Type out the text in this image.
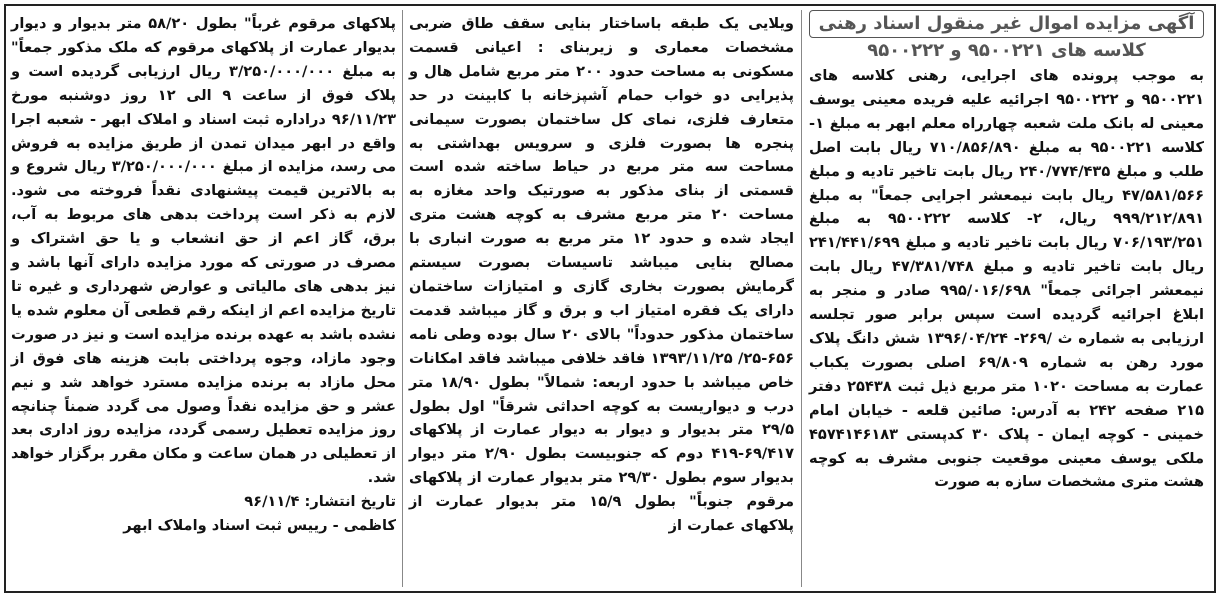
آگهی مزایده اموال غیر منقول اسناد رهنی
کلاسه های ۹۵۰۰۲۲۱ و ۹۵۰۰۲۲۲

به موجب پرونده های اجرایی، رهنی کلاسه های ۹۵۰۰۲۲۱ و ۹۵۰۰۲۲۲ اجرائیه علیه فریده معینی یوسف معینی له بانک ملت شعبه چهارراه معلم ابهر به مبلغ ۱- کلاسه ۹۵۰۰۲۲۱ به مبلغ ۷۱۰/۸۵۶/۸۹۰ ریال بابت اصل طلب و مبلغ ۲۴۰/۷۷۴/۴۳۵ ریال بابت تاخیر تادیه و مبلغ ۴۷/۵۸۱/۵۶۶ ریال بابت نیمعشر اجرایی جمعاً" به مبلغ ۹۹۹/۲۱۲/۸۹۱ ریال، ۲- کلاسه ۹۵۰۰۲۲۲ به مبلغ ۷۰۶/۱۹۳/۲۵۱ ریال بابت تاخیر تادیه و مبلغ ۲۴۱/۴۴۱/۶۹۹ ریال بابت تاخیر تادیه و مبلغ ۴۷/۳۸۱/۷۴۸ ریال بابت نیمعشر اجرائی جمعاً" ۹۹۵/۰۱۶/۶۹۸ صادر و منجر به ابلاغ اجرائیه گردیده است سپس برابر صور تجلسه ارزیابی به شماره ث /۲۶۹- ۱۳۹۶/۰۴/۲۴ شش دانگ پلاک مورد رهن به شماره ۶۹/۸۰۹ اصلی بصورت یکباب عمارت به مساحت ۱۰۲۰ متر مربع ذیل ثبت ۲۵۴۳۸ دفتر ۲۱۵ صفحه ۲۴۲ به آدرس: صائین قلعه - خیابان امام خمینی - کوچه ایمان - پلاک ۳۰ کدپستی ۴۵۷۴۱۴۶۱۸۳ ملکی یوسف معینی موقعیت جنوبی مشرف به کوچه هشت متری مشخصات سازه به صورت

ویلایی یک طبقه باساختار بنایی سقف طاق ضربی مشخصات معماری و زیربنای : اعیانی قسمت مسکونی به مساحت حدود ۲۰۰ متر مربع شامل هال و پذیرایی دو خواب حمام آشپزخانه با کابینت در حد متعارف فلزی، نمای کل ساختمان بصورت سیمانی پنجره ها بصورت فلزی و سرویس بهداشتی به مساحت سه متر مربع در حیاط ساخته شده است قسمتی از بنای مذکور به صورتیک واحد مغازه به مساحت ۲۰ متر مربع مشرف به کوچه هشت متری ایجاد شده و حدود ۱۲ متر مربع به صورت انباری با مصالح بنایی میباشد تاسیسات بصورت سیستم گرمایش بصورت بخاری گازی و امتیازات ساختمان دارای یک فقره امتیاز اب و برق و گاز میباشد قدمت ساختمان مذکور حدوداً" بالای ۲۰ سال بوده وطی نامه ۶۵۶-۲۵/ ۱۳۹۳/۱۱/۲۵ فاقد خلافی میباشد فاقد امکانات خاص میباشد با حدود اربعه: شمالاً" بطول ۱۸/۹۰ متر درب و دیواریست به کوچه احداثی شرقاً" اول بطول ۲۹/۵ متر بدیوار و دیوار به دیوار عمارت از پلاکهای ۶۹/۴۱۷-۴۱۹ دوم که جنوبیست بطول ۲/۹۰ متر دیوار بدیوار سوم بطول ۲۹/۳۰ متر بدیوار عمارت از پلاکهای مرقوم جنوباً" بطول ۱۵/۹ متر بدیوار عمارت از پلاکهای عمارت از

پلاکهای مرقوم غرباً" بطول ۵۸/۲۰ متر بدیوار و دیوار بدیوار عمارت از پلاکهای مرقوم که ملک مذکور جمعاً" به مبلغ ۳/۲۵۰/۰۰۰/۰۰۰ ریال ارزیابی گردیده است و پلاک فوق از ساعت ۹ الی ۱۲ روز دوشنبه مورخ ۹۶/۱۱/۲۳ دراداره ثبت اسناد و املاک ابهر - شعبه اجرا واقع در ابهر میدان تمدن از طریق مزایده به فروش می رسد، مزایده از مبلغ ۳/۲۵۰/۰۰۰/۰۰۰ ریال شروع و به بالاترین قیمت پیشنهادی نقداً فروخته می شود. لازم به ذکر است پرداخت بدهی های مربوط به آب، برق، گاز اعم از حق انشعاب و یا حق اشتراک و مصرف در صورتی که مورد مزایده دارای آنها باشد و نیز بدهی های مالیاتی و عوارض شهرداری و غیره تا تاریخ مزایده اعم از اینکه رقم قطعی آن معلوم شده یا نشده باشد به عهده برنده مزایده است و نیز در صورت وجود مازاد، وجوه پرداختی بابت هزینه های فوق از محل مازاد به برنده مزایده مسترد خواهد شد و نیم عشر و حق مزایده نقداً وصول می گردد ضمناً چنانچه روز مزایده تعطیل رسمی گردد، مزایده روز اداری بعد از تعطیلی در همان ساعت و مکان مقرر برگزار خواهد شد.

تاریخ انتشار: ۹۶/۱۱/۴

کاظمی - رییس ثبت اسناد واملاک ابهر
